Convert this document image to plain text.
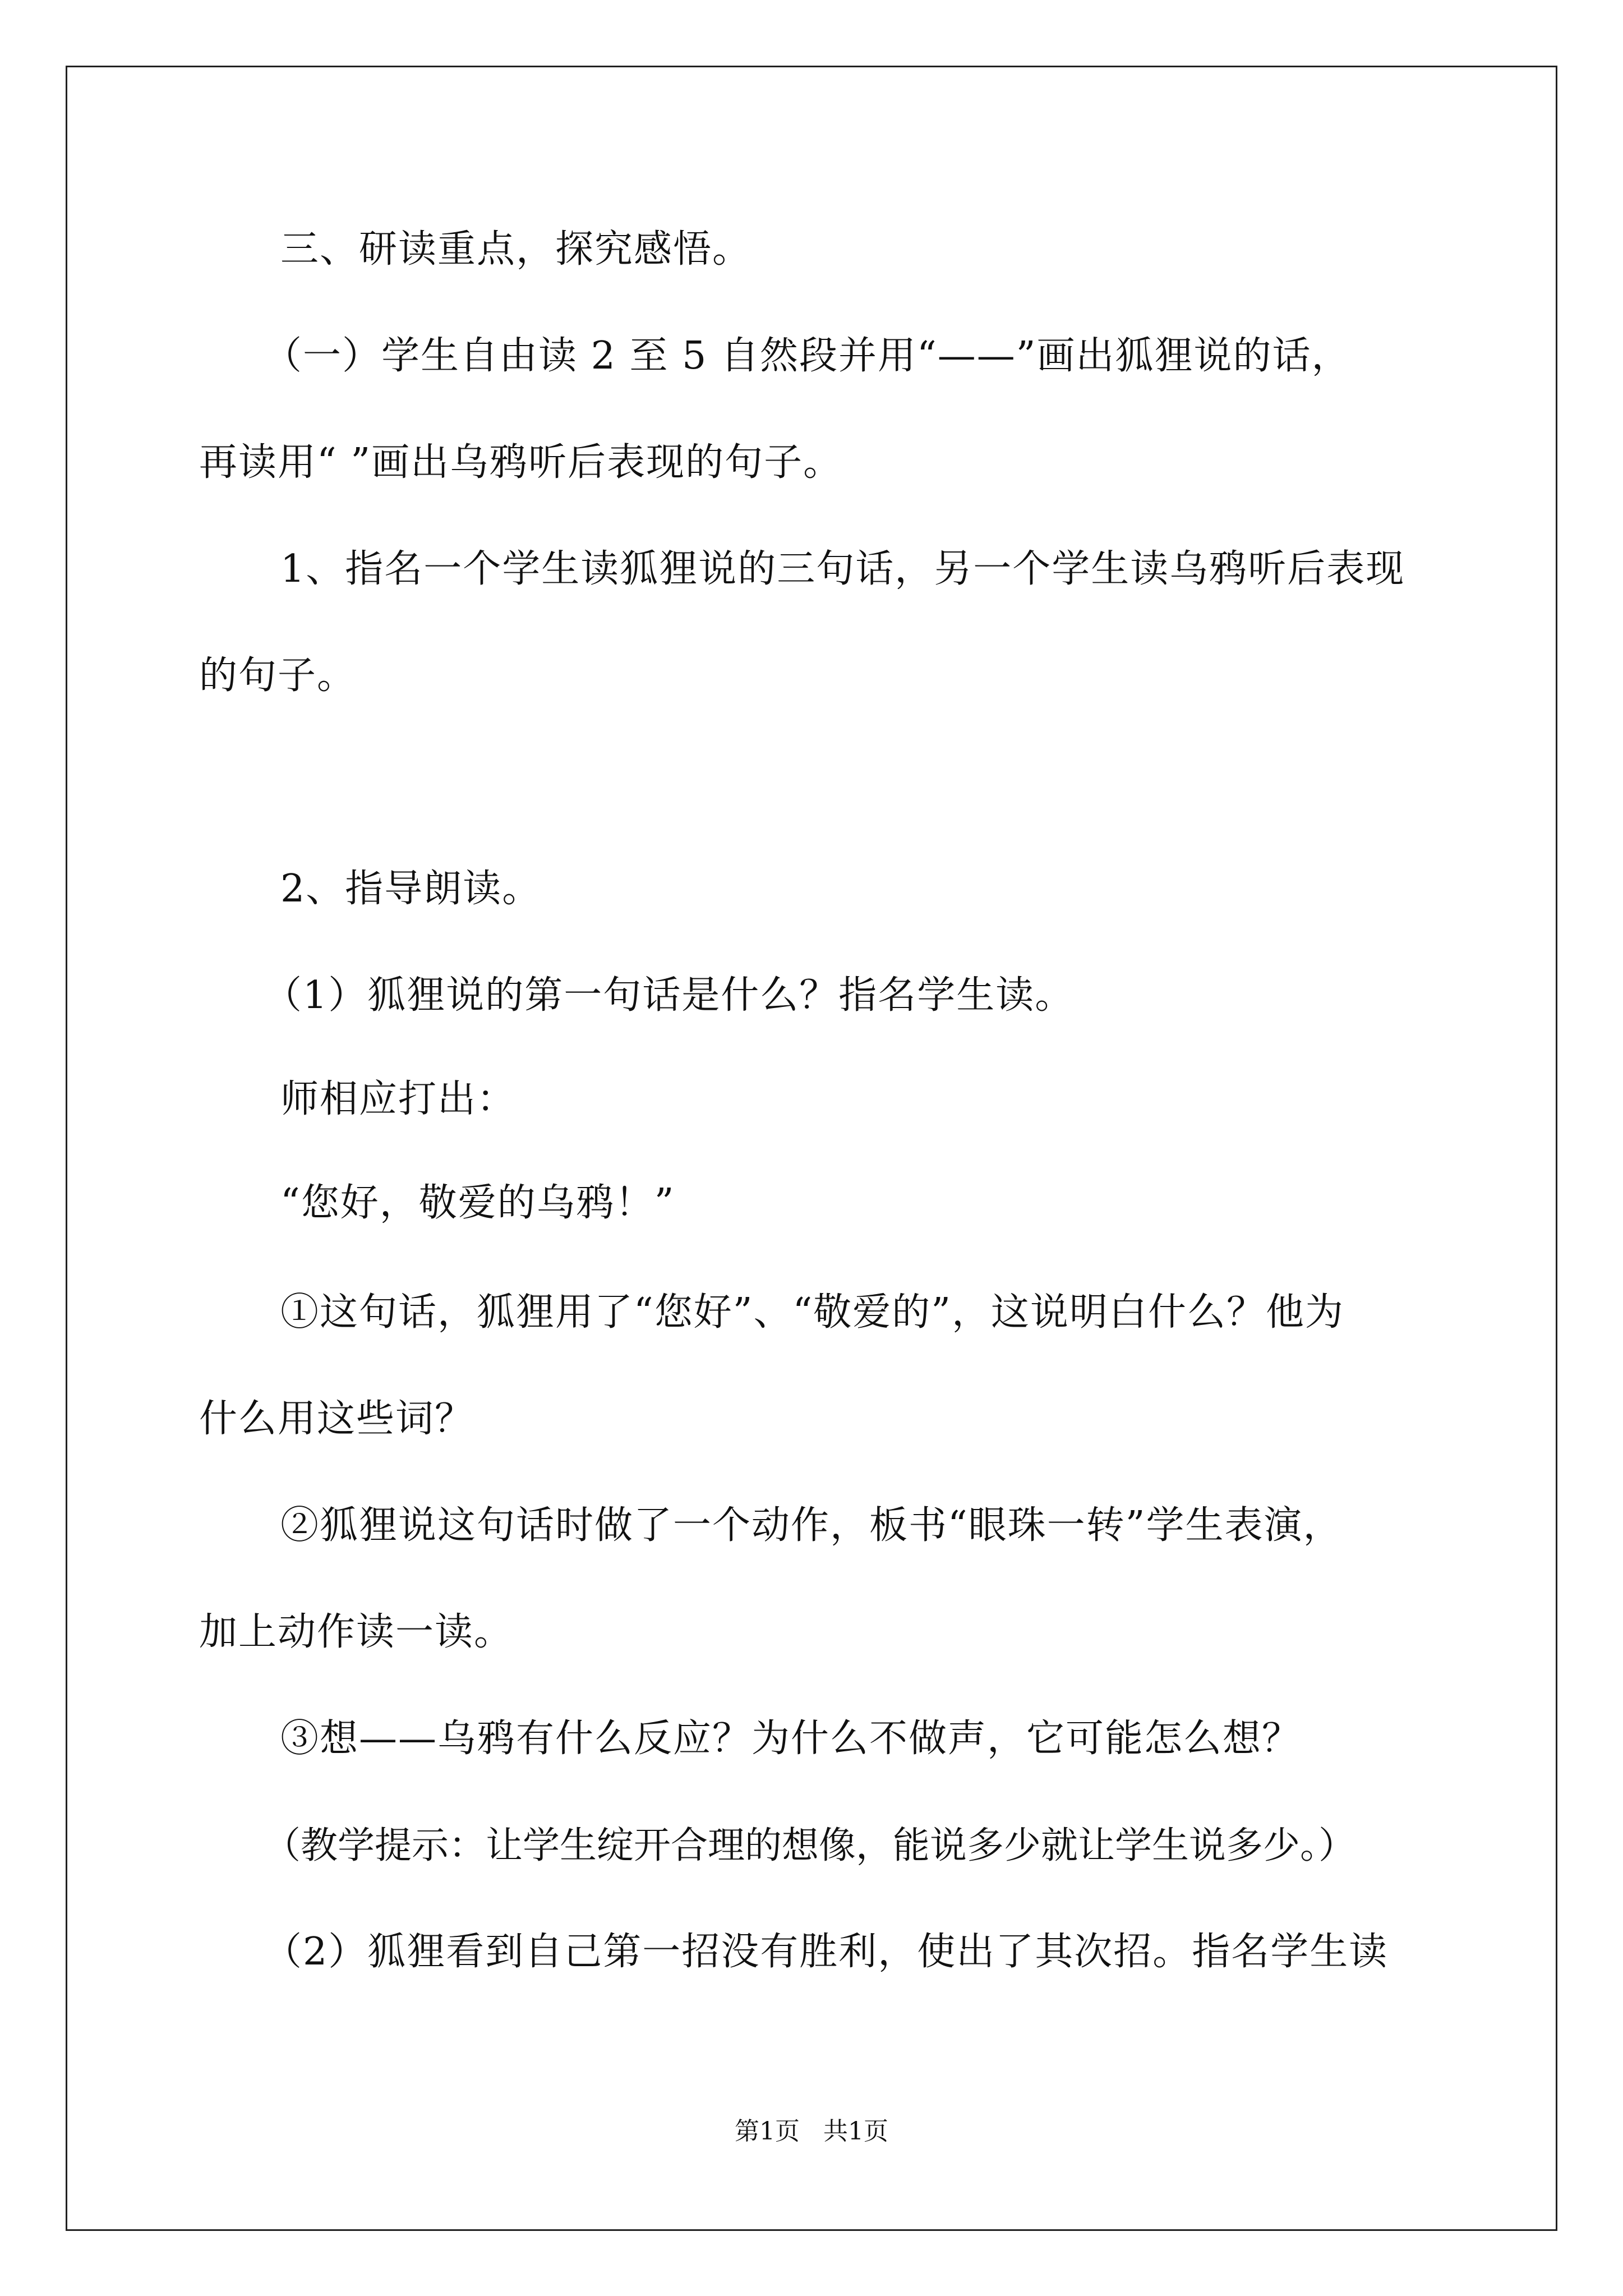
三、研读重点，探究感悟。

（一）学生自由读 2 至 5 自然段并用“——”画出狐狸说的话，

再读用“ ”画出乌鸦听后表现的句子。

1、指名一个学生读狐狸说的三句话，另一个学生读乌鸦听后表现

的句子。

2、指导朗读。

（1）狐狸说的第一句话是什么？指名学生读。

师相应打出：

“您好，敬爱的乌鸦！”

①这句话，狐狸用了“您好”、“敬爱的”，这说明白什么？他为

什么用这些词？

②狐狸说这句话时做了一个动作，板书“眼珠一转”学生表演，

加上动作读一读。

③想——乌鸦有什么反应？为什么不做声，它可能怎么想？

（教学提示：让学生绽开合理的想像，能说多少就让学生说多少。）

（2）狐狸看到自己第一招没有胜利，使出了其次招。指名学生读

第1页   共1页
